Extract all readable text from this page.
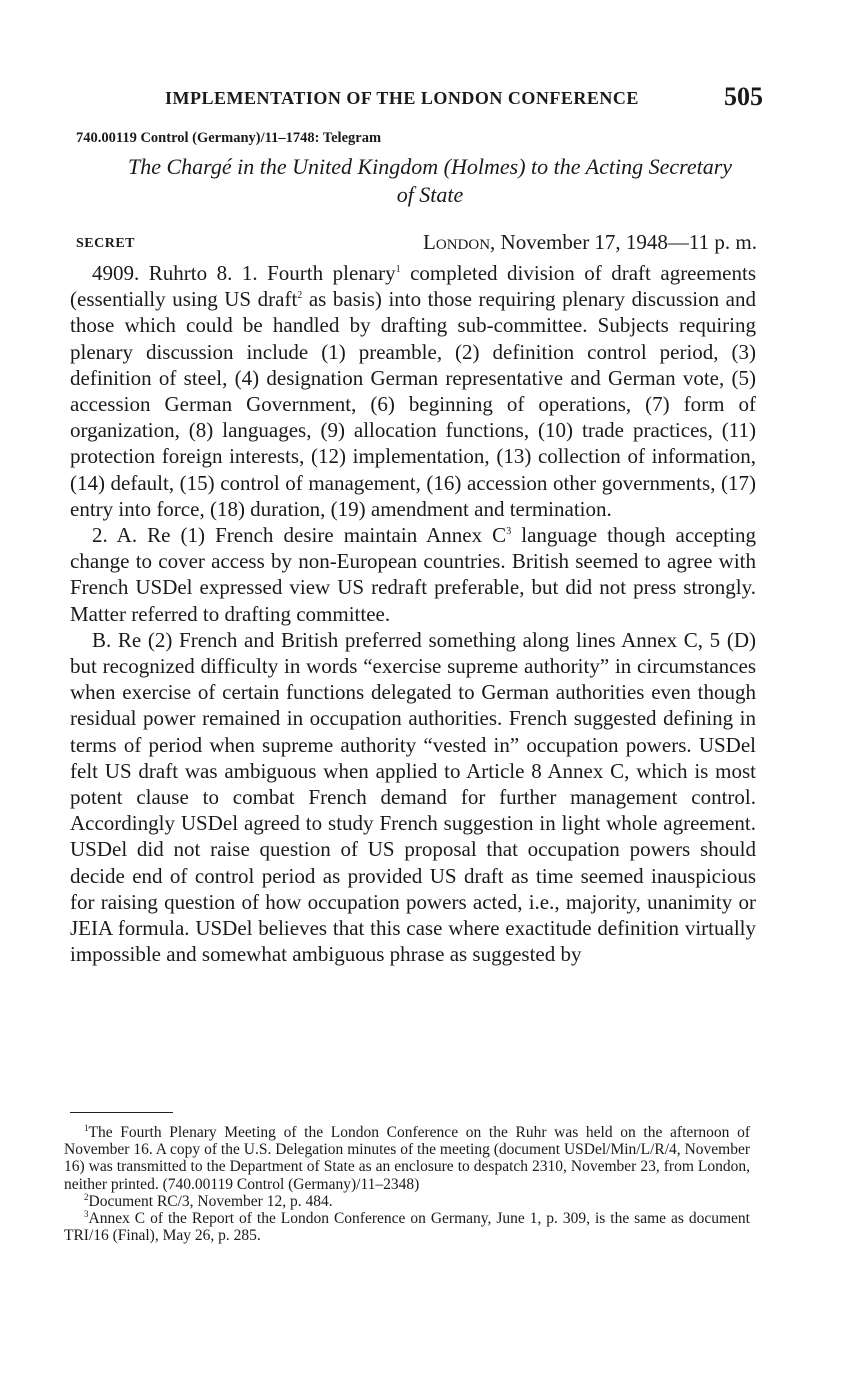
IMPLEMENTATION OF THE LONDON CONFERENCE	505
740.00119 Control (Germany)/11–1748: Telegram
The Chargé in the United Kingdom (Holmes) to the Acting Secretary
of State
SECRET	London, November 17, 1948—11 p. m.

4909. Ruhrto 8. 1. Fourth plenary$^1$ completed division of draft agreements (essentially using US draft$^2$ as basis) into those requiring plenary discussion and those which could be handled by drafting sub-committee. Subjects requiring plenary discussion include (1) preamble, (2) definition control period, (3) definition of steel, (4) designation German representative and German vote, (5) accession German Government, (6) beginning of operations, (7) form of organization, (8) languages, (9) allocation functions, (10) trade practices, (11) protection foreign interests, (12) implementation, (13) collection of information, (14) default, (15) control of management, (16) accession other governments, (17) entry into force, (18) duration, (19) amendment and termination.

2. A. Re (1) French desire maintain Annex $C^3$ language though accepting change to cover access by non-European countries. British seemed to agree with French USDel expressed view US redraft preferable, but did not press strongly. Matter referred to drafting committee.

B. Re (2) French and British preferred something along lines Annex C, 5 (D) but recognized difficulty in words “exercise supreme authority” in circumstances when exercise of certain functions delegated to German authorities even though residual power remained in occupation authorities. French suggested defining in terms of period when supreme authority “vested in” occupation powers. USDel felt US draft was ambiguous when applied to Article 8 Annex C, which is most potent clause to combat French demand for further management control. Accordingly USDel agreed to study French suggestion in light whole agreement. USDel did not raise question of US proposal that occupation powers should decide end of control period as provided US draft as time seemed inauspicious for raising question of how occupation powers acted, i.e., majority, unanimity or JEIA formula. USDel believes that this case where exactitude definition virtually impossible and somewhat ambiguous phrase as suggested by

$^1$The Fourth Plenary Meeting of the London Conference on the Ruhr was held on the afternoon of November 16. A copy of the U.S. Delegation minutes of the meeting (document USDel/Min/L/R/4, November 16) was transmitted to the Department of State as an enclosure to despatch 2310, November 23, from London, neither printed. (740.00119 Control (Germany)/11–2348)

$^2$Document RC/3, November 12, p. 484.

$^3$Annex C of the Report of the London Conference on Germany, June 1, p. 309, is the same as document TRI/16 (Final), May 26, p. 285.
